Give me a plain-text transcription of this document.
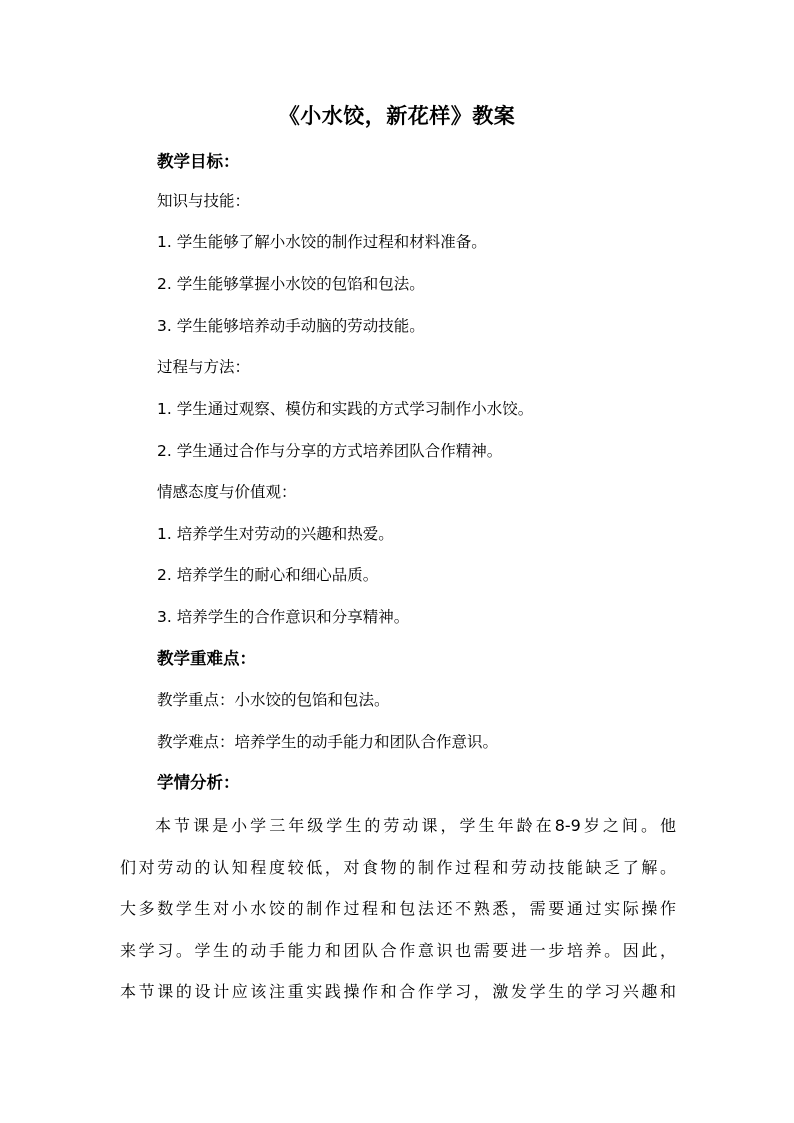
《小水饺，新花样》教案
教学目标：
知识与技能：
1. 学生能够了解小水饺的制作过程和材料准备。
2. 学生能够掌握小水饺的包馅和包法。
3. 学生能够培养动手动脑的劳动技能。
过程与方法：
1. 学生通过观察、模仿和实践的方式学习制作小水饺。
2. 学生通过合作与分享的方式培养团队合作精神。
情感态度与价值观：
1. 培养学生对劳动的兴趣和热爱。
2. 培养学生的耐心和细心品质。
3. 培养学生的合作意识和分享精神。
教学重难点：
教学重点：小水饺的包馅和包法。
教学难点：培养学生的动手能力和团队合作意识。
学情分析：
本节课是小学三年级学生的劳动课，学生年龄在8-9岁之间。他
们对劳动的认知程度较低，对食物的制作过程和劳动技能缺乏了解。
大多数学生对小水饺的制作过程和包法还不熟悉，需要通过实际操作
来学习。学生的动手能力和团队合作意识也需要进一步培养。因此，
本节课的设计应该注重实践操作和合作学习，激发学生的学习兴趣和
